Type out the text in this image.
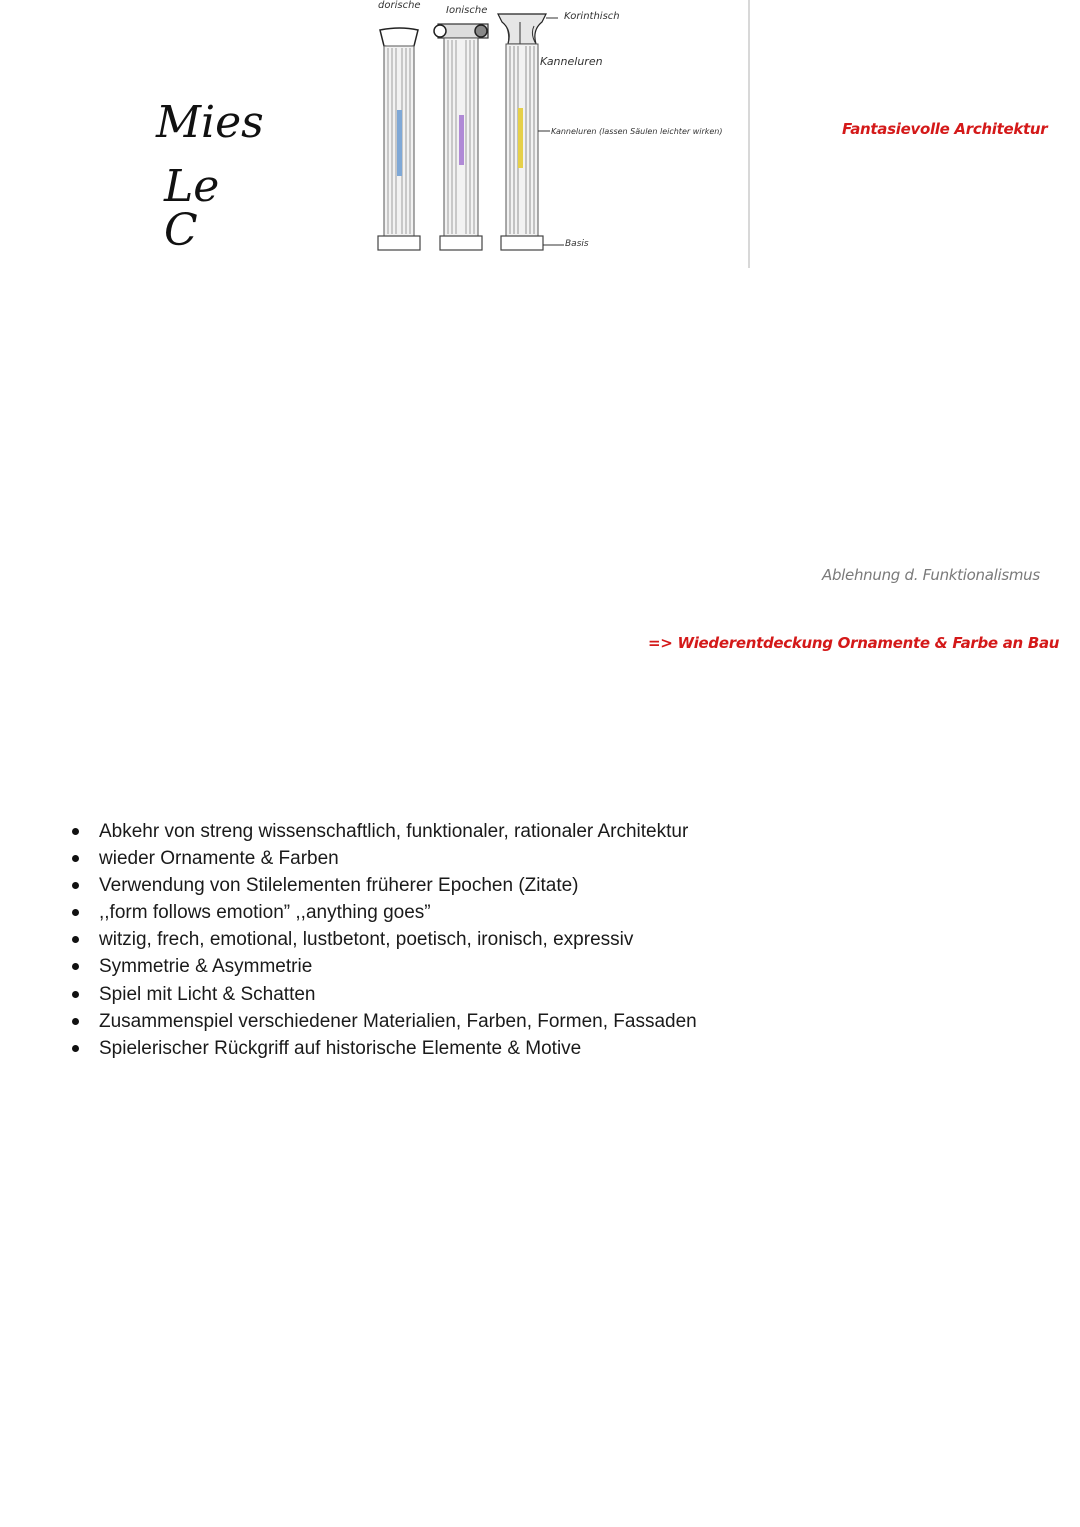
Mies
Le C
dorische	Ionische
Korinthisch
Kanneluren
Kanneluren (lassen Säulen leichter wirken)
Basis
Fantasievolle Architektur
Ablehnung d. Funktionalismus
=> Wiederentdeckung Ornamente & Farbe an Bau
Abkehr von streng wissenschaftlich, funktionaler, rationaler Architektur
wieder Ornamente & Farben
Verwendung von Stilelementen früherer Epochen (Zitate)
,,form follows emotion” ,,anything goes”
witzig, frech, emotional, lustbetont, poetisch, ironisch, expressiv
Symmetrie & Asymmetrie
Spiel mit Licht & Schatten
Zusammenspiel verschiedener Materialien, Farben, Formen, Fassaden
Spielerischer Rückgriff auf historische Elemente & Motive
